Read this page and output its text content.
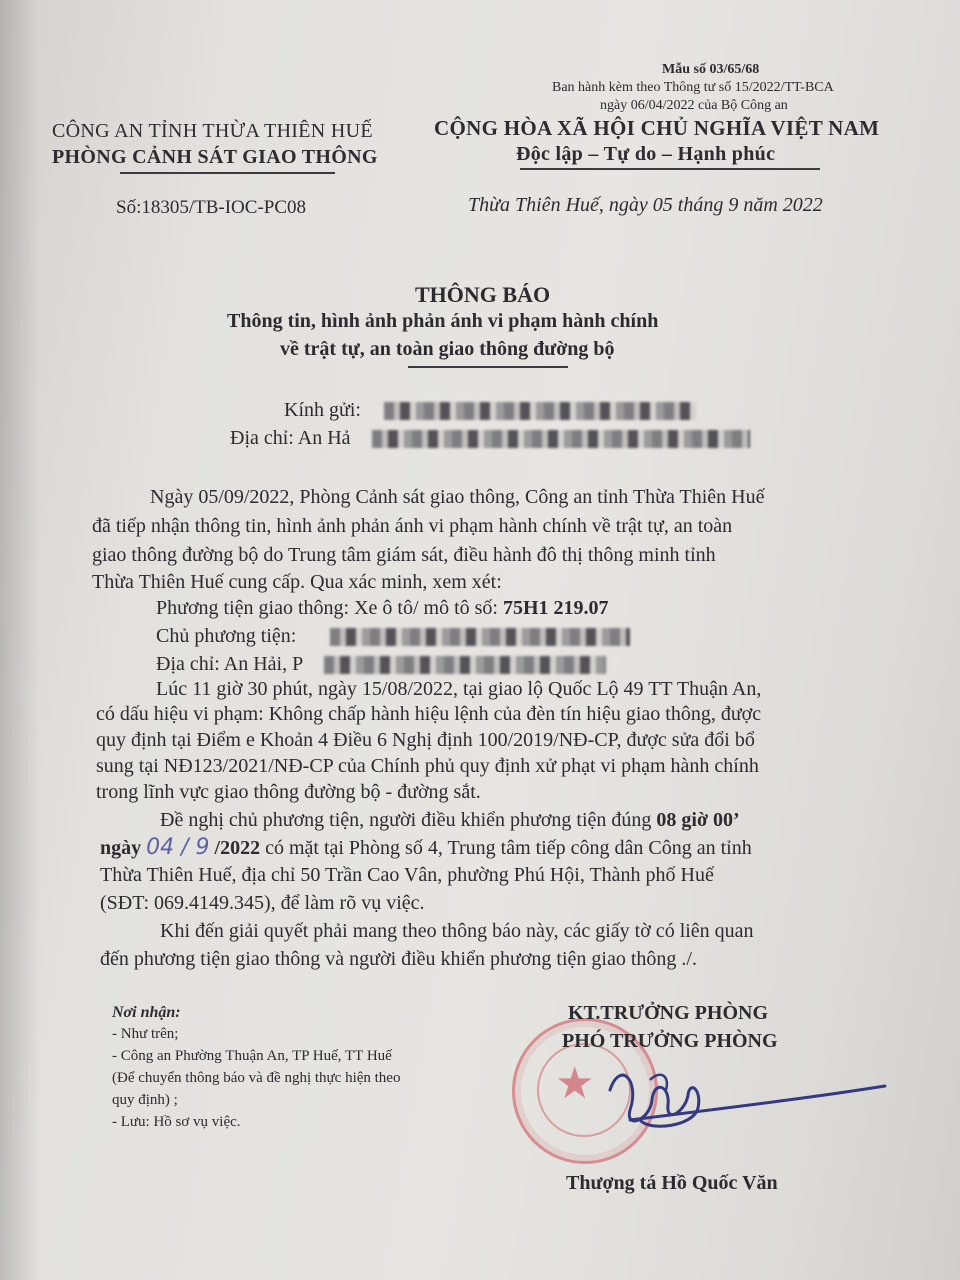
Mẫu số 03/65/68
Ban hành kèm theo Thông tư số 15/2022/TT-BCA
ngày 06/04/2022 của Bộ Công an
CÔNG AN TỈNH THỪA THIÊN HUẾ
PHÒNG CẢNH SÁT GIAO THÔNG
CỘNG HÒA XÃ HỘI CHỦ NGHĨA VIỆT NAM
Độc lập – Tự do – Hạnh phúc
Số:18305/TB-IOC-PC08	Thừa Thiên Huế, ngày 05 tháng 9 năm 2022
THÔNG BÁO
Thông tin, hình ảnh phản ánh vi phạm hành chính
về trật tự, an toàn giao thông đường bộ
Kính gửi:
Địa chỉ: An Hả
Ngày 05/09/2022, Phòng Cảnh sát giao thông, Công an tỉnh Thừa Thiên Huế
đã tiếp nhận thông tin, hình ảnh phản ánh vi phạm hành chính về trật tự, an toàn
giao thông đường bộ do Trung tâm giám sát, điều hành đô thị thông minh tỉnh
Thừa Thiên Huế cung cấp. Qua xác minh, xem xét:
Phương tiện giao thông: Xe ô tô/ mô tô số: 75H1 219.07
Chủ phương tiện:
Địa chỉ: An Hải, P
Lúc 11 giờ 30 phút, ngày 15/08/2022, tại giao lộ Quốc Lộ 49 TT Thuận An,
có dấu hiệu vi phạm: Không chấp hành hiệu lệnh của đèn tín hiệu giao thông, được
quy định tại Điểm e Khoản 4 Điều 6 Nghị định 100/2019/NĐ-CP, được sửa đổi bổ
sung tại NĐ123/2021/NĐ-CP của Chính phủ quy định xử phạt vi phạm hành chính
trong lĩnh vực giao thông đường bộ - đường sắt.
Đề nghị chủ phương tiện, người điều khiển phương tiện đúng 08 giờ 00’
ngày 04 / 9 /2022 có mặt tại Phòng số 4, Trung tâm tiếp công dân Công an tỉnh
Thừa Thiên Huế, địa chỉ 50 Trần Cao Vân, phường Phú Hội, Thành phố Huế
(SĐT: 069.4149.345), để làm rõ vụ việc.
Khi đến giải quyết phải mang theo thông báo này, các giấy tờ có liên quan
đến phương tiện giao thông và người điều khiển phương tiện giao thông ./.
Nơi nhận:
- Như trên;
- Công an Phường Thuận An, TP Huế, TT Huế
(Để chuyển thông báo và đề nghị thực hiện theo
quy định) ;
- Lưu: Hồ sơ vụ việc.
★
KT.TRƯỞNG PHÒNG
PHÓ TRƯỞNG PHÒNG
Thượng tá Hồ Quốc Văn
